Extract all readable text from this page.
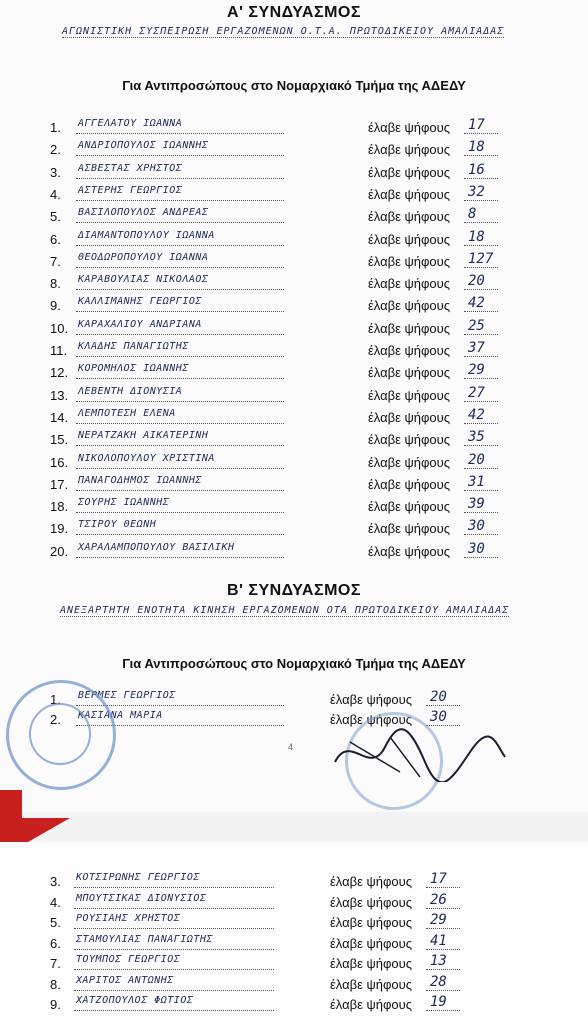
Α' ΣΥΝΔΥΑΣΜΟΣ
ΑΓΩΝΙΣΤΙΚΗ ΣΥΣΠΕΙΡΩΣΗ ΕΡΓΑΖΟΜΕΝΩΝ Ο.Τ.Α. ΠΡΩΤΟΔΙΚΕΙΟΥ ΑΜΑΛΙΑΔΑΣ
Για Αντιπροσώπους στο Νομαρχιακό Τμήμα της ΑΔΕΔΥ
1. ΑΓΓΕΛΑΤΟΥ ΙΩΑΝΝΑ	έλαβε ψήφους 17
2. ΑΝΔΡΙΟΠΟΥΛΟΣ ΙΩΑΝΝΗΣ	έλαβε ψήφους 18
3. ΑΣΒΕΣΤΑΣ ΧΡΗΣΤΟΣ	έλαβε ψήφους 16
4. ΑΣΤΕΡΗΣ ΓΕΩΡΓΙΟΣ	έλαβε ψήφους 32
5. ΒΑΣΙΛΟΠΟΥΛΟΣ ΑΝΔΡΕΑΣ	έλαβε ψήφους 8
6. ΔΙΑΜΑΝΤΟΠΟΥΛΟΥ ΙΩΑΝΝΑ	έλαβε ψήφους 18
7. ΘΕΟΔΩΡΟΠΟΥΛΟΥ ΙΩΑΝΝΑ	έλαβε ψήφους 127
8. ΚΑΡΑΒΟΥΛΙΑΣ ΝΙΚΟΛΑΟΣ	έλαβε ψήφους 20
9. ΚΑΛΛΙΜΑΝΗΣ ΓΕΩΡΓΙΟΣ	έλαβε ψήφους 42
10. ΚΑΡΑΧΑΛΙΟΥ ΑΝΔΡΙΑΝΑ	έλαβε ψήφους 25
11. ΚΛΑΔΗΣ ΠΑΝΑΓΙΩΤΗΣ	έλαβε ψήφους 37
12. ΚΟΡΟΜΗΛΟΣ ΙΩΑΝΝΗΣ	έλαβε ψήφους 29
13. ΛΕΒΕΝΤΗ ΔΙΟΝΥΣΙΑ	έλαβε ψήφους 27
14. ΛΕΜΠΟΤΕΣΗ ΕΛΕΝΑ	έλαβε ψήφους 42
15. ΝΕΡΑΤΖΑΚΗ ΑΙΚΑΤΕΡΙΝΗ	έλαβε ψήφους 35
16. ΝΙΚΟΛΟΠΟΥΛΟΥ ΧΡΙΣΤΙΝΑ	έλαβε ψήφους 20
17. ΠΑΝΑΓΟΔΗΜΟΣ ΙΩΑΝΝΗΣ	έλαβε ψήφους 31
18. ΣΟΥΡΗΣ ΙΩΑΝΝΗΣ	έλαβε ψήφους 39
19. ΤΣΙΡΟΥ ΘΕΩΝΗ	έλαβε ψήφους 30
20. ΧΑΡΑΛΑΜΠΟΠΟΥΛΟΥ ΒΑΣΙΛΙΚΗ	έλαβε ψήφους 30
Β' ΣΥΝΔΥΑΣΜΟΣ
ΑΝΕΞΑΡΤΗΤΗ ΕΝΟΤΗΤΑ ΚΙΝΗΣΗ ΕΡΓΑΖΟΜΕΝΩΝ ΟΤΑ ΠΡΩΤΟΔΙΚΕΙΟΥ ΑΜΑΛΙΑΔΑΣ
Για Αντιπροσώπους στο Νομαρχιακό Τμήμα της ΑΔΕΔΥ
1. ΒΕΡΜΕΣ ΓΕΩΡΓΙΟΣ	έλαβε ψήφους 20
2. ΚΑΣΙΑΝΑ ΜΑΡΙΑ	έλαβε ψήφους 30
4
3. ΚΟΤΣΙΡΩΝΗΣ ΓΕΩΡΓΙΟΣ	έλαβε ψήφους 17
4. ΜΠΟΥΤΣΙΚΑΣ ΔΙΟΝΥΣΙΟΣ	έλαβε ψήφους 26
5. ΡΟΥΣΙΑΗΣ ΧΡΗΣΤΟΣ	έλαβε ψήφους 29
6. ΣΤΑΜΟΥΛΙΑΣ ΠΑΝΑΓΙΩΤΗΣ	έλαβε ψήφους 41
7. ΤΟΥΜΠΟΣ ΓΕΩΡΓΙΟΣ	έλαβε ψήφους 13
8. ΧΑΡΙΤΟΣ ΑΝΤΩΝΗΣ	έλαβε ψήφους 28
9. ΧΑΤΖΟΠΟΥΛΟΣ ΦΩΤΙΟΣ	έλαβε ψήφους 19
